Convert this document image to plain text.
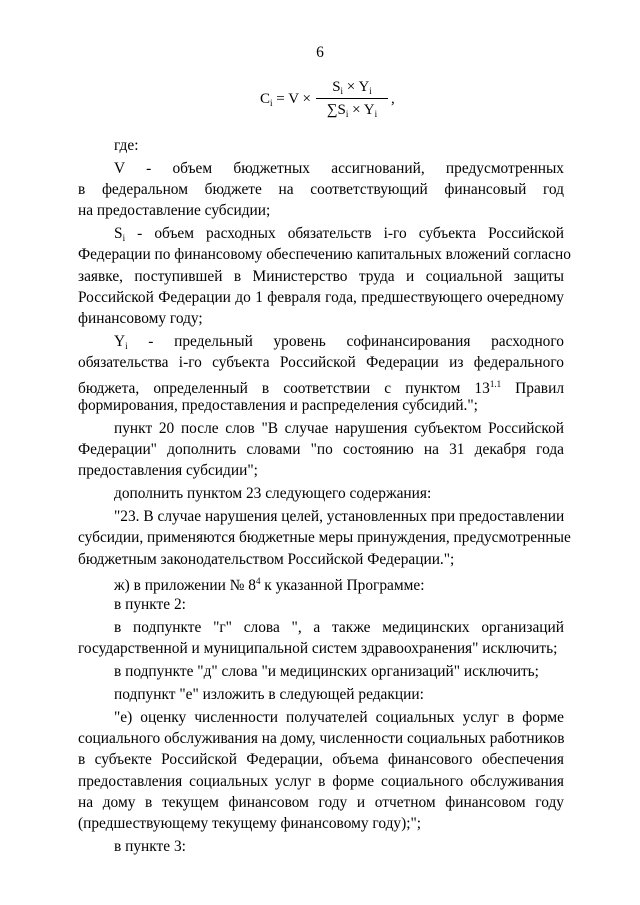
6
$C_i = V$ ×
$S_i \times Y_i$
$\sum S_i \times Y_i$
,
где:
V - объем бюджетных ассигнований, предусмотренных
в федеральном бюджете на соответствующий финансовый год
на предоставление субсидии;
$S_i$ - объем расходных обязательств i-го субъекта Российской
Федерации по финансовому обеспечению капитальных вложений согласно
заявке, поступившей в Министерство труда и социальной защиты
Российской Федерации до 1 февраля года, предшествующего очередному
финансовому году;
$Y_i$ - предельный уровень софинансирования расходного
обязательства i-го субъекта Российской Федерации из федерального
бюджета, определенный в соответствии с пунктом $13^{1.1}$ Правил
формирования, предоставления и распределения субсидий.";
пункт 20 после слов "В случае нарушения субъектом Российской
Федерации" дополнить словами "по состоянию на 31 декабря года
предоставления субсидии";
дополнить пунктом 23 следующего содержания:
"23. В случае нарушения целей, установленных при предоставлении
субсидии, применяются бюджетные меры принуждения, предусмотренные
бюджетным законодательством Российской Федерации.";
ж) в приложении № $8^4$ к указанной Программе:
в пункте 2:
в подпункте "г" слова ", а также медицинских организаций
государственной и муниципальной систем здравоохранения" исключить;
в подпункте "д" слова "и медицинских организаций" исключить;
подпункт "е" изложить в следующей редакции:
"е) оценку численности получателей социальных услуг в форме
социального обслуживания на дому, численности социальных работников
в субъекте Российской Федерации, объема финансового обеспечения
предоставления социальных услуг в форме социального обслуживания
на дому в текущем финансовом году и отчетном финансовом году
(предшествующему текущему финансовому году);";
в пункте 3:
